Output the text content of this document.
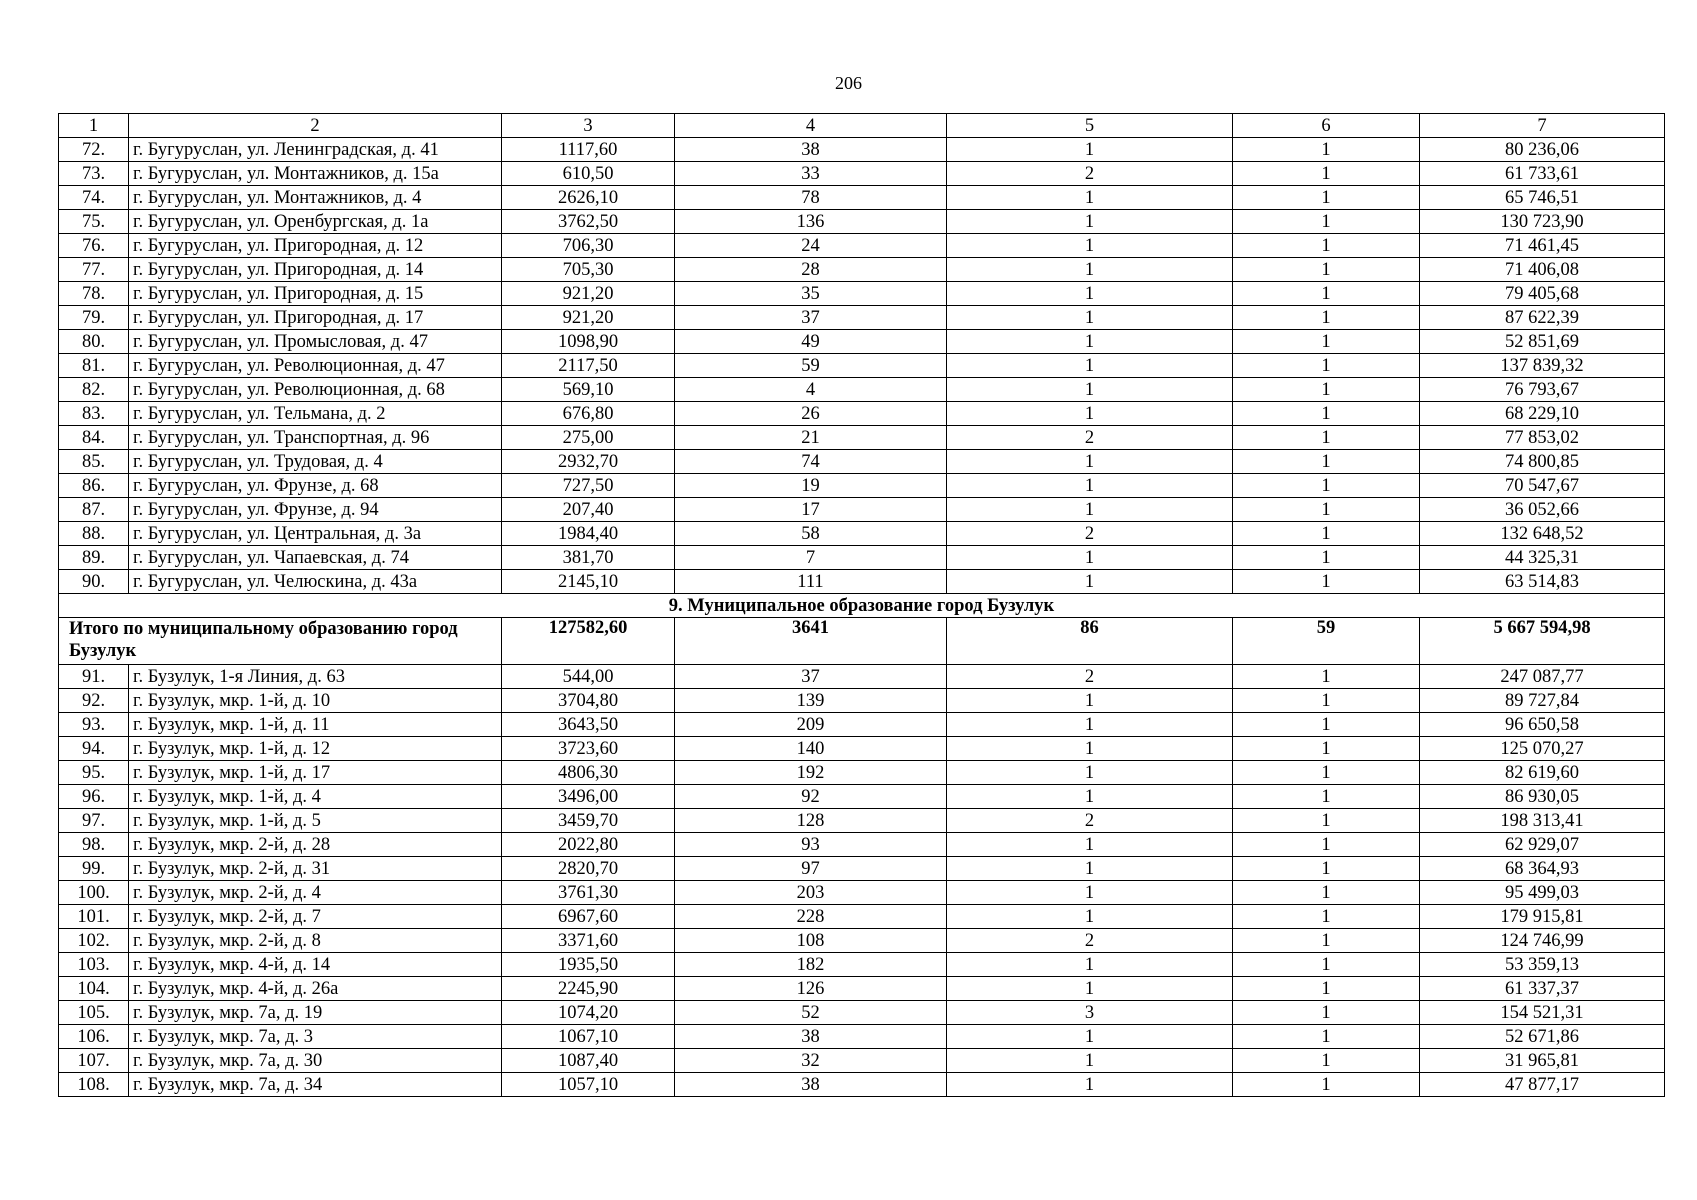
206
1	2	3	4	5	6	7
72.	г. Бугуруслан, ул. Ленинградская, д. 41	1117,60	38	1	1	80 236,06
73.	г. Бугуруслан, ул. Монтажников, д. 15а	610,50	33	2	1	61 733,61
74.	г. Бугуруслан, ул. Монтажников, д. 4	2626,10	78	1	1	65 746,51
75.	г. Бугуруслан, ул. Оренбургская, д. 1а	3762,50	136	1	1	130 723,90
76.	г. Бугуруслан, ул. Пригородная, д. 12	706,30	24	1	1	71 461,45
77.	г. Бугуруслан, ул. Пригородная, д. 14	705,30	28	1	1	71 406,08
78.	г. Бугуруслан, ул. Пригородная, д. 15	921,20	35	1	1	79 405,68
79.	г. Бугуруслан, ул. Пригородная, д. 17	921,20	37	1	1	87 622,39
80.	г. Бугуруслан, ул. Промысловая, д. 47	1098,90	49	1	1	52 851,69
81.	г. Бугуруслан, ул. Революционная, д. 47	2117,50	59	1	1	137 839,32
82.	г. Бугуруслан, ул. Революционная, д. 68	569,10	4	1	1	76 793,67
83.	г. Бугуруслан, ул. Тельмана, д. 2	676,80	26	1	1	68 229,10
84.	г. Бугуруслан, ул. Транспортная, д. 96	275,00	21	2	1	77 853,02
85.	г. Бугуруслан, ул. Трудовая, д. 4	2932,70	74	1	1	74 800,85
86.	г. Бугуруслан, ул. Фрунзе, д. 68	727,50	19	1	1	70 547,67
87.	г. Бугуруслан, ул. Фрунзе, д. 94	207,40	17	1	1	36 052,66
88.	г. Бугуруслан, ул. Центральная, д. 3а	1984,40	58	2	1	132 648,52
89.	г. Бугуруслан, ул. Чапаевская, д. 74	381,70	7	1	1	44 325,31
90.	г. Бугуруслан, ул. Челюскина, д. 43а	2145,10	111	1	1	63 514,83
9. Муниципальное образование город Бузулук						
Итого по муниципальному образованию город Бузулук		127582,60	3641	86	59	5 667 594,98
91.	г. Бузулук, 1-я Линия, д. 63	544,00	37	2	1	247 087,77
92.	г. Бузулук, мкр. 1-й, д. 10	3704,80	139	1	1	89 727,84
93.	г. Бузулук, мкр. 1-й, д. 11	3643,50	209	1	1	96 650,58
94.	г. Бузулук, мкр. 1-й, д. 12	3723,60	140	1	1	125 070,27
95.	г. Бузулук, мкр. 1-й, д. 17	4806,30	192	1	1	82 619,60
96.	г. Бузулук, мкр. 1-й, д. 4	3496,00	92	1	1	86 930,05
97.	г. Бузулук, мкр. 1-й, д. 5	3459,70	128	2	1	198 313,41
98.	г. Бузулук, мкр. 2-й, д. 28	2022,80	93	1	1	62 929,07
99.	г. Бузулук, мкр. 2-й, д. 31	2820,70	97	1	1	68 364,93
100.	г. Бузулук, мкр. 2-й, д. 4	3761,30	203	1	1	95 499,03
101.	г. Бузулук, мкр. 2-й, д. 7	6967,60	228	1	1	179 915,81
102.	г. Бузулук, мкр. 2-й, д. 8	3371,60	108	2	1	124 746,99
103.	г. Бузулук, мкр. 4-й, д. 14	1935,50	182	1	1	53 359,13
104.	г. Бузулук, мкр. 4-й, д. 26а	2245,90	126	1	1	61 337,37
105.	г. Бузулук, мкр. 7а, д. 19	1074,20	52	3	1	154 521,31
106.	г. Бузулук, мкр. 7а, д. 3	1067,10	38	1	1	52 671,86
107.	г. Бузулук, мкр. 7а, д. 30	1087,40	32	1	1	31 965,81
108.	г. Бузулук, мкр. 7а, д. 34	1057,10	38	1	1	47 877,17
